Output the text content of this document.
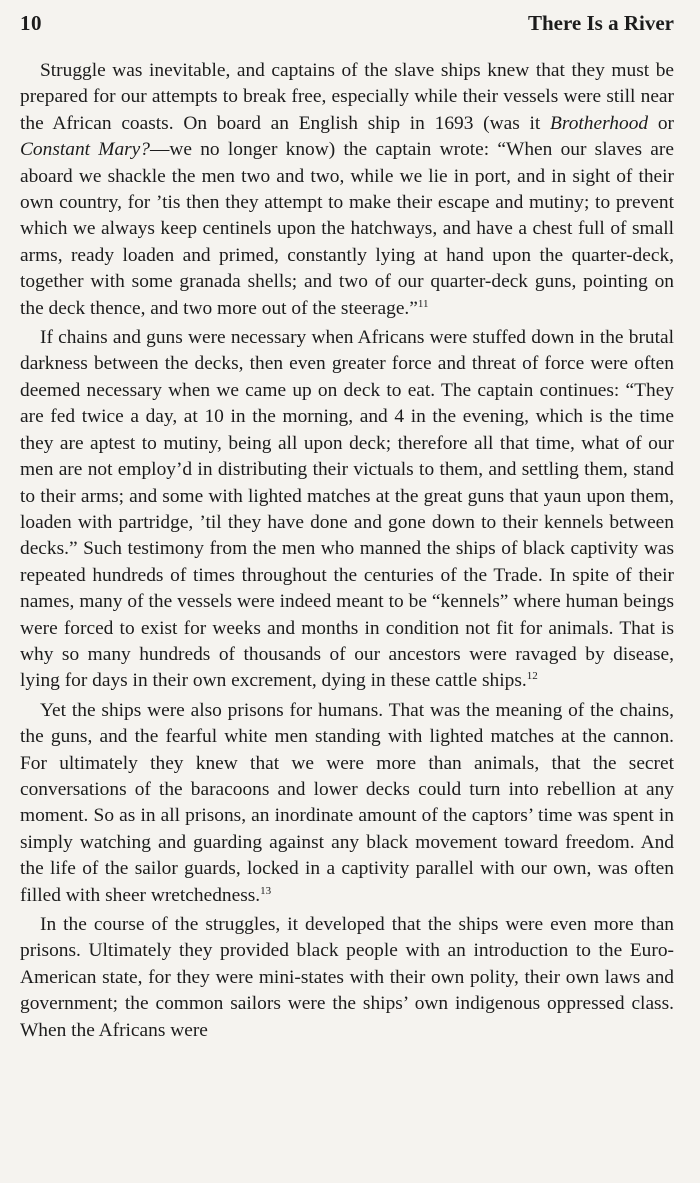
10	There Is a River

Struggle was inevitable, and captains of the slave ships knew that they must be prepared for our attempts to break free, especially while their vessels were still near the African coasts. On board an English ship in 1693 (was it Brotherhood or Constant Mary?—we no longer know) the captain wrote: “When our slaves are aboard we shackle the men two and two, while we lie in port, and in sight of their own country, for ’tis then they attempt to make their escape and mutiny; to prevent which we always keep centinels upon the hatchways, and have a chest full of small arms, ready loaden and primed, constantly lying at hand upon the quarter-deck, together with some granada shells; and two of our quarter-deck guns, pointing on the deck thence, and two more out of the steerage.”$^{11}$

If chains and guns were necessary when Africans were stuffed down in the brutal darkness between the decks, then even greater force and threat of force were often deemed necessary when we came up on deck to eat. The captain continues: “They are fed twice a day, at 10 in the morning, and 4 in the evening, which is the time they are aptest to mutiny, being all upon deck; therefore all that time, what of our men are not employ’d in distributing their victuals to them, and settling them, stand to their arms; and some with lighted matches at the great guns that yaun upon them, loaden with partridge, ’til they have done and gone down to their kennels between decks.” Such testimony from the men who manned the ships of black captivity was repeated hundreds of times throughout the centuries of the Trade. In spite of their names, many of the vessels were indeed meant to be “kennels” where human beings were forced to exist for weeks and months in condition not fit for animals. That is why so many hundreds of thousands of our ancestors were ravaged by disease, lying for days in their own excrement, dying in these cattle ships.$^{12}$

Yet the ships were also prisons for humans. That was the meaning of the chains, the guns, and the fearful white men standing with lighted matches at the cannon. For ultimately they knew that we were more than animals, that the secret conversations of the baracoons and lower decks could turn into rebellion at any moment. So as in all prisons, an inordinate amount of the captors’ time was spent in simply watching and guarding against any black movement toward freedom. And the life of the sailor guards, locked in a captivity parallel with our own, was often filled with sheer wretchedness.$^{13}$

In the course of the struggles, it developed that the ships were even more than prisons. Ultimately they provided black people with an introduction to the Euro-American state, for they were mini-states with their own polity, their own laws and government; the common sailors were the ships’ own indigenous oppressed class. When the Africans were
